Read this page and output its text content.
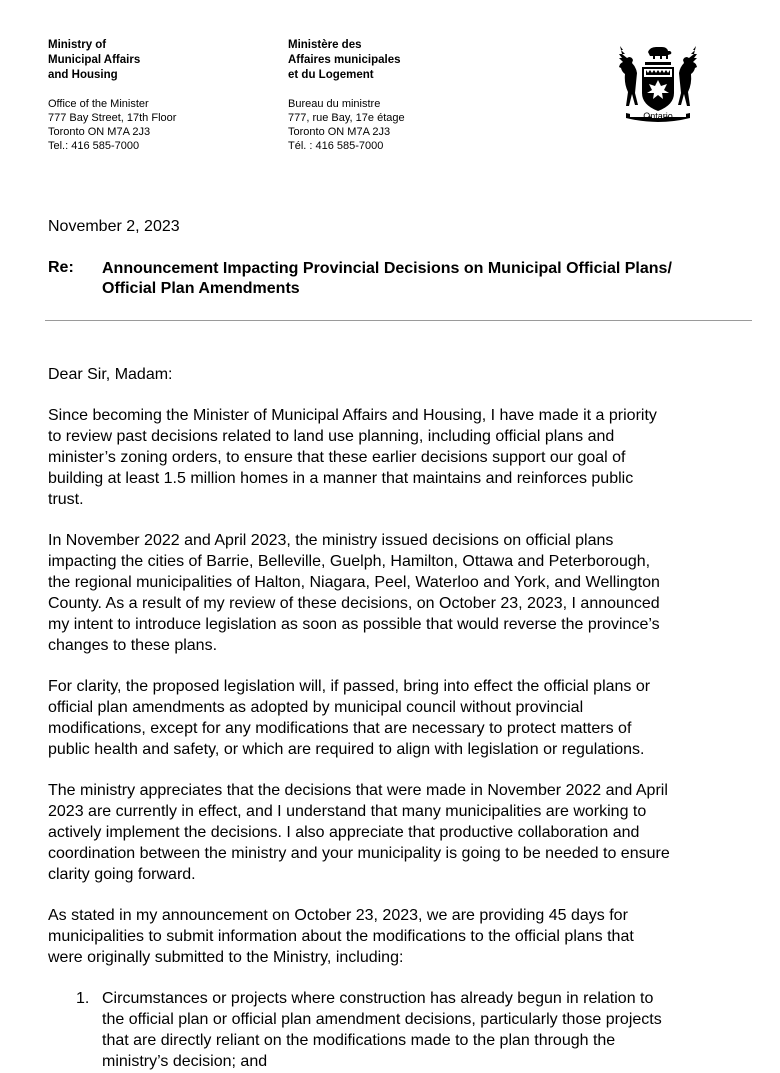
Ministry of
Municipal Affairs
and Housing
Office of the Minister
777 Bay Street, 17th Floor
Toronto ON M7A 2J3
Tel.: 416 585-7000
Ministère des
Affaires municipales
et du Logement
Bureau du ministre
777, rue Bay, 17e étage
Toronto ON M7A 2J3
Tél. : 416 585-7000
Ontario
November 2, 2023
Re: Announcement Impacting Provincial Decisions on Municipal Official Plans/
Official Plan Amendments
Dear Sir, Madam:
Since becoming the Minister of Municipal Affairs and Housing, I have made it a priority
to review past decisions related to land use planning, including official plans and
minister’s zoning orders, to ensure that these earlier decisions support our goal of
building at least 1.5 million homes in a manner that maintains and reinforces public
trust.
In November 2022 and April 2023, the ministry issued decisions on official plans
impacting the cities of Barrie, Belleville, Guelph, Hamilton, Ottawa and Peterborough,
the regional municipalities of Halton, Niagara, Peel, Waterloo and York, and Wellington
County. As a result of my review of these decisions, on October 23, 2023, I announced
my intent to introduce legislation as soon as possible that would reverse the province’s
changes to these plans.
For clarity, the proposed legislation will, if passed, bring into effect the official plans or
official plan amendments as adopted by municipal council without provincial
modifications, except for any modifications that are necessary to protect matters of
public health and safety, or which are required to align with legislation or regulations.
The ministry appreciates that the decisions that were made in November 2022 and April
2023 are currently in effect, and I understand that many municipalities are working to
actively implement the decisions. I also appreciate that productive collaboration and
coordination between the ministry and your municipality is going to be needed to ensure
clarity going forward.
As stated in my announcement on October 23, 2023, we are providing 45 days for
municipalities to submit information about the modifications to the official plans that
were originally submitted to the Ministry, including:
1. Circumstances or projects where construction has already begun in relation to
the official plan or official plan amendment decisions, particularly those projects
that are directly reliant on the modifications made to the plan through the
ministry’s decision; and
